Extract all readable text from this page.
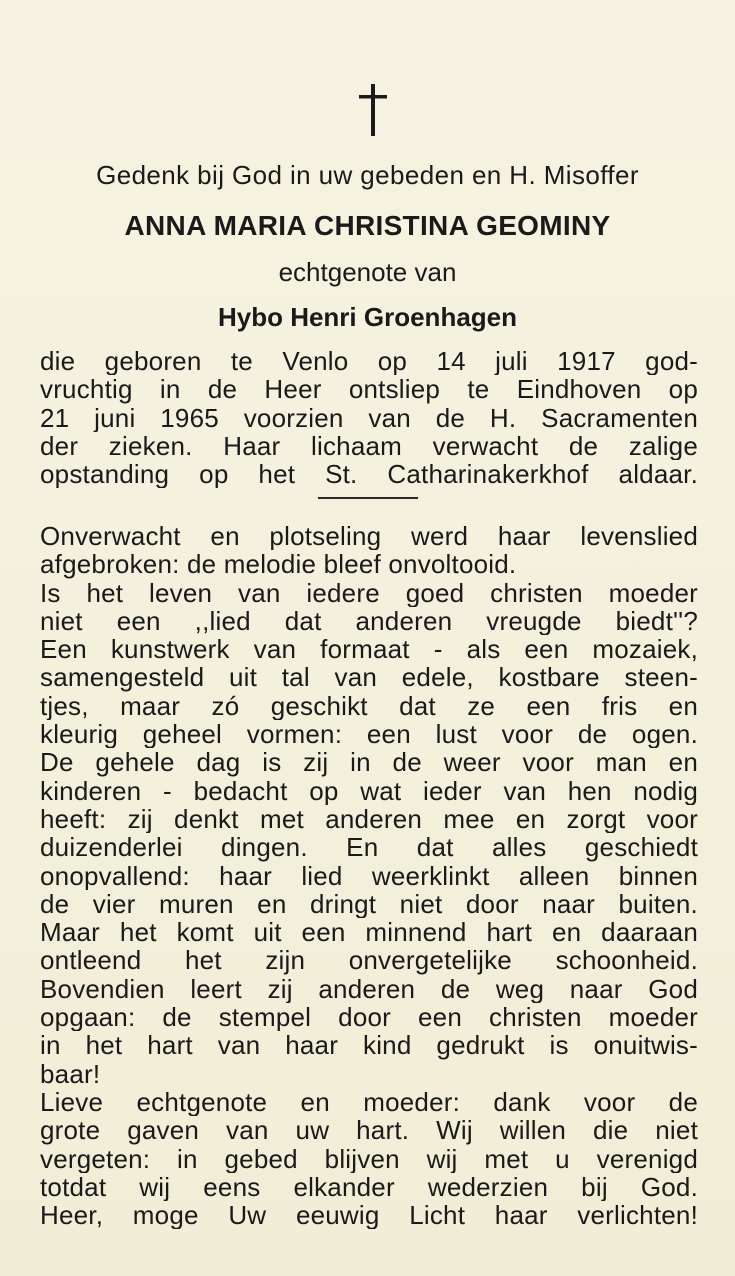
Gedenk bij God in uw gebeden en H. Misoffer
ANNA MARIA CHRISTINA GEOMINY
echtgenote van
Hybo Henri Groenhagen
die geboren te Venlo op 14 juli 1917 god-
vruchtig in de Heer ontsliep te Eindhoven op
21 juni 1965 voorzien van de H. Sacramenten
der zieken. Haar lichaam verwacht de zalige
opstanding op het St. Catharinakerkhof aldaar.
Onverwacht en plotseling werd haar levenslied
afgebroken: de melodie bleef onvoltooid.
Is het leven van iedere goed christen moeder
niet een ,,lied dat anderen vreugde biedt''?
Een kunstwerk van formaat - als een mozaiek,
samengesteld uit tal van edele, kostbare steen-
tjes, maar zó geschikt dat ze een fris en
kleurig geheel vormen: een lust voor de ogen.
De gehele dag is zij in de weer voor man en
kinderen - bedacht op wat ieder van hen nodig
heeft: zij denkt met anderen mee en zorgt voor
duizenderlei dingen. En dat alles geschiedt
onopvallend: haar lied weerklinkt alleen binnen
de vier muren en dringt niet door naar buiten.
Maar het komt uit een minnend hart en daaraan
ontleend het zijn onvergetelijke schoonheid.
Bovendien leert zij anderen de weg naar God
opgaan: de stempel door een christen moeder
in het hart van haar kind gedrukt is onuitwis-
baar!
Lieve echtgenote en moeder: dank voor de
grote gaven van uw hart. Wij willen die niet
vergeten: in gebed blijven wij met u verenigd
totdat wij eens elkander wederzien bij God.
Heer, moge Uw eeuwig Licht haar verlichten!
